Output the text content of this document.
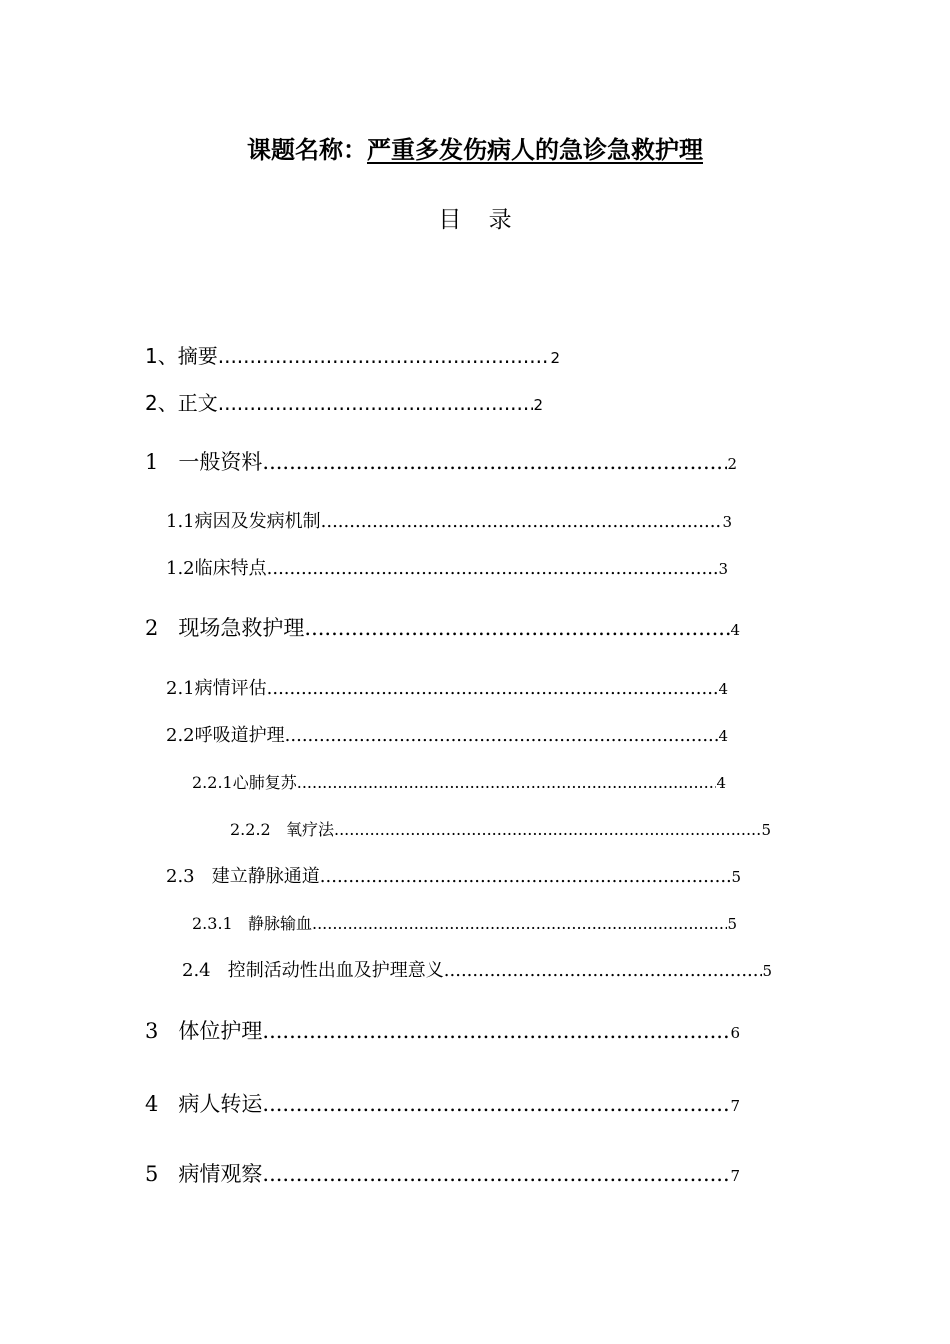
课题名称：严重多发伤病人的急诊急救护理
目 录
1、 摘要 .....	2
2、 正文 .....	2
1 一般资料 .....	2
1.1 病因及发病机制 .....	3
1.2 临床特点 .....	3
2 现场急救护理 .....	4
2.1 病情评估 .....	4
2.2 呼吸道护理. .....	4
2.2.1 心肺复苏 .....	4
2.2.2 氧疗法 .....	5
2.3 建立静脉通道 .....	5
2.3.1 静脉输血 .....	5
2.4 控制活动性出血及护理意义 .....	5
3 体位护理 .....	6
4 病人转运 .....	7
5 病情观察 .....	7
